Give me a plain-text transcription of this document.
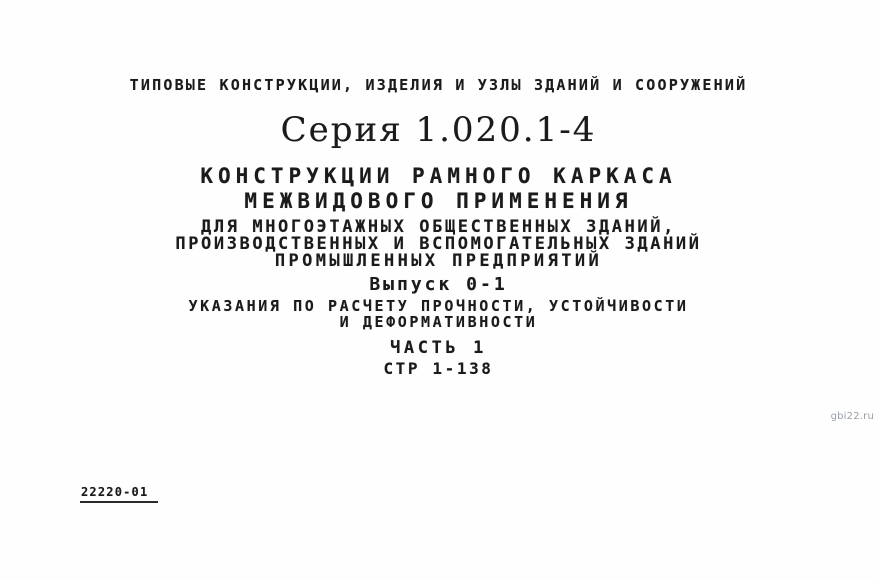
ТИПОВЫЕ КОНСТРУКЦИИ, ИЗДЕЛИЯ И УЗЛЫ ЗДАНИЙ И СООРУЖЕНИЙ
Серия 1.020.1-4
КОНСТРУКЦИИ РАМНОГО КАРКАСА
МЕЖВИДОВОГО ПРИМЕНЕНИЯ
ДЛЯ МНОГОЭТАЖНЫХ ОБЩЕСТВЕННЫХ ЗДАНИЙ,
ПРОИЗВОДСТВЕННЫХ И ВСПОМОГАТЕЛЬНЫХ ЗДАНИЙ
ПРОМЫШЛЕННЫХ ПРЕДПРИЯТИЙ
Выпуск 0-1
УКАЗАНИЯ ПО РАСЧЕТУ ПРОЧНОСТИ, УСТОЙЧИВОСТИ
И ДЕФОРМАТИВНОСТИ
ЧАСТЬ 1
СТР 1-138
gbi22.ru
22220-01
